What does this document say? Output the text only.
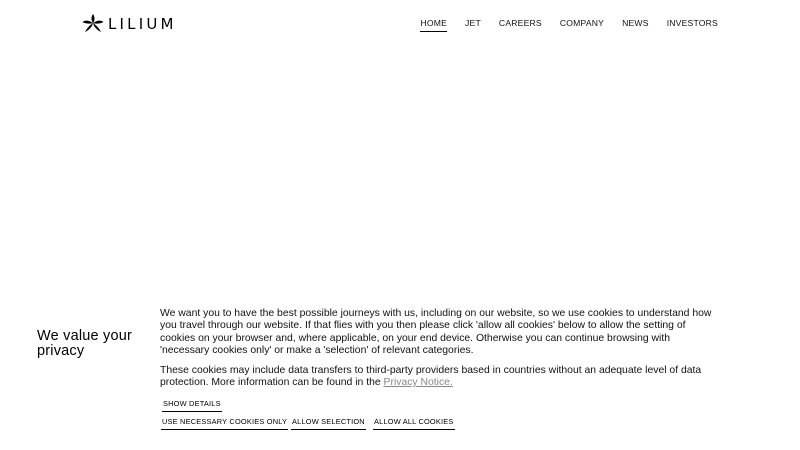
LILIUM	HOME JET CAREERS COMPANY NEWS INVESTORS
We value your privacy

We want you to have the best possible journeys with us, including on our website, so we use cookies to understand how you travel through our website. If that flies with you then please click 'allow all cookies' below to allow the setting of cookies on your browser and, where applicable, on your end device. Otherwise you can continue browsing with 'necessary cookies only' or make a 'selection' of relevant categories.

These cookies may include data transfers to third-party providers based in countries without an adequate level of data protection. More information can be found in the Privacy Notice.

SHOW DETAILS
USE NECESSARY COOKIES ONLY ALLOW SELECTION ALLOW ALL COOKIES
